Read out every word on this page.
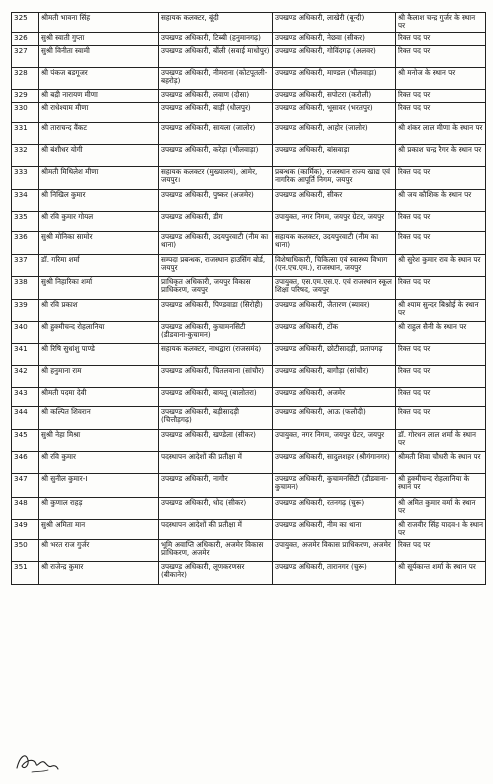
325	श्रीमती भावना सिंह	सहायक कलक्टर, बूंदी	उपखण्ड अधिकारी, लाखेरी (बून्दी)	श्री कैलाश चन्द्र गुर्जर के स्थान पर
326	सुश्री स्वाती गुप्ता	उपखण्ड अधिकारी, टिब्बी (हनुमानगढ़)	उपखण्ड अधिकारी, नेछवा (सीकर)	रिक्त पद पर
327	सुश्री विनीता स्वामी	उपखण्ड अधिकारी, बौंली (सवाई माधोपुर)	उपखण्ड अधिकारी, गोविंदगढ़ (अलवर)	रिक्त पद पर
328	श्री पंकज बडगूजर	उपखण्ड अधिकारी, नीमराना (कोटपूतली-बहरोड़)	उपखण्ड अधिकारी, माण्डल (भीलवाड़ा)	श्री मनोज के स्थान पर
329	श्री बद्री नारायण मीणा	उपखण्ड अधिकारी, लवाण (दौसा)	उपखण्ड अधिकारी, सपोटरा (करौली)	रिक्त पद पर
330	श्री राधेश्याम मीणा	उपखण्ड अधिकारी, बाड़ी (धौलपुर)	उपखण्ड अधिकारी, भूसावर (भरतपुर)	रिक्त पद पर
331	श्री ताराचन्द वैंकट	उपखण्ड अधिकारी, सायला (जालोर)	उपखण्ड अधिकारी, आहोर (जालोर)	श्री शंकर लाल मीणा के स्थान पर
332	श्री बंशीधर योगी	उपखण्ड अधिकारी, करेड़ा (भीलवाड़ा)	उपखण्ड अधिकारी, बांसवाड़ा	श्री प्रकाश चन्द्र रैगर के स्थान पर
333	श्रीमती मिथिलेश मीणा	सहायक कलक्टर (मुख्यालय), आमेर, जयपुर।	प्रबन्धक (कार्मिक), राजस्थान राज्य खाद्य एवं नागरिक आपूर्ति निगम, जयपुर	रिक्त पद पर
334	श्री निखिल कुमार	उपखण्ड अधिकारी, पुष्कर (अजमेर)	उपखण्ड अधिकारी, सीकर	श्री जय कौशिक के स्थान पर
335	श्री रवि कुमार गोयल	उपखण्ड अधिकारी, डीग	उपायुक्त, नगर निगम, जयपुर ग्रेटर, जयपुर	रिक्त पद पर
336	सुश्री मोनिका सामोर	उपखण्ड अधिकारी, उदयपुरवाटी (नीम का थाना)	सहायक कलक्टर, उदयपुरवाटी (नीम का थाना)	रिक्त पद पर
337	डॉ. गरिमा शर्मा	सम्पदा प्रबन्धक, राजस्थान हाउसिंग बोर्ड, जयपुर	विशेषाधिकारी, चिकित्सा एवं स्वास्थ्य विभाग (एन.एच.एम.), राजस्थान, जयपुर	श्री सुरेश कुमार राव के स्थान पर
338	सुश्री निहारिका शर्मा	प्राधिकृत अधिकारी, जयपुर विकास प्राधिकरण, जयपुर	उपायुक्त, एस.एम.एस.ए. एवं राजस्थान स्कूल शिक्षा परिषद, जयपुर	रिक्त पद पर
339	श्री रवि प्रकाश	उपखण्ड अधिकारी, पिण्डवाडा (सिरोही)	उपखण्ड अधिकारी, जैतारण (ब्यावर)	श्री श्याम सुन्दर बिश्नोई के स्थान पर
340	श्री हुक्मीचन्द रोहलानिया	उपखण्ड अधिकारी, कुचामनसिटी (डीडवाना-कुचामन)	उपखण्ड अधिकारी, टोंक	श्री राहुल सैनी के स्थान पर
341	श्री रिषि सुधांशु पाण्डे	सहायक कलक्टर, नाथद्वारा (राजसमंद)	उपखण्ड अधिकारी, छोटीसादड़ी, प्रतापगढ़	रिक्त पद पर
342	श्री हनुमाना राम	उपखण्ड अधिकारी, चितलवाना (सांचौर)	उपखण्ड अधिकारी, बागौड़ा (सांचौर)	रिक्त पद पर
343	श्रीमती पदमा देवी	उपखण्ड अधिकारी, बायतू (बालोतरा)	उपखण्ड अधिकारी, अजमेर	रिक्त पद पर
344	श्री कल्पित शिवरान	उपखण्ड अधिकारी, बड़ीसादड़ी (चित्तौड़गढ़)	उपखण्ड अधिकारी, आऊ (फलौदी)	रिक्त पद पर
345	सुश्री नेहा मिश्रा	उपखण्ड अधिकारी, खण्डेला (सीकर)	उपायुक्त, नगर निगम, जयपुर ग्रेटर, जयपुर	डॉ. गोरधन लाल शर्मा के स्थान पर
346	श्री रवि कुमार	पदस्थापन आदेशों की प्रतीक्षा में	उपखण्ड अधिकारी, सादुलशहर (श्रीगंगानगर)	श्रीमती शिवा चौधरी के स्थान पर
347	श्री सुनील कुमार-I	उपखण्ड अधिकारी, नागौर	उपखण्ड अधिकारी, कुचामनसिटी (डीडवाना-कुचामन)	श्री हुक्मीचन्द रोहलानिया के स्थान पर
348	श्री कुणाल राहड़	उपखण्ड अधिकारी, धोद (सीकर)	उपखण्ड अधिकारी, रतनगढ़ (चुरू)	श्री अमित कुमार वर्मा के स्थान पर
349	सुश्री अमिता मान	पदस्थापन आदेशों की प्रतीक्षा में	उपखण्ड अधिकारी, नीम का थाना	श्री राजवीर सिंह यादव-I के स्थान पर
350	श्री भरत राज गुर्जर	भूमि अवाप्ति अधिकारी, अजमेर विकास प्राधिकरण, अजमेर	उपायुक्त, अजमेर विकास प्राधिकरण, अजमेर	रिक्त पद पर
351	श्री राजेन्द्र कुमार	उपखण्ड अधिकारी, लूणकरणसर (बीकानेर)	उपखण्ड अधिकारी, तारानगर (चुरू)	श्री सूर्यकान्त शर्मा के स्थान पर
